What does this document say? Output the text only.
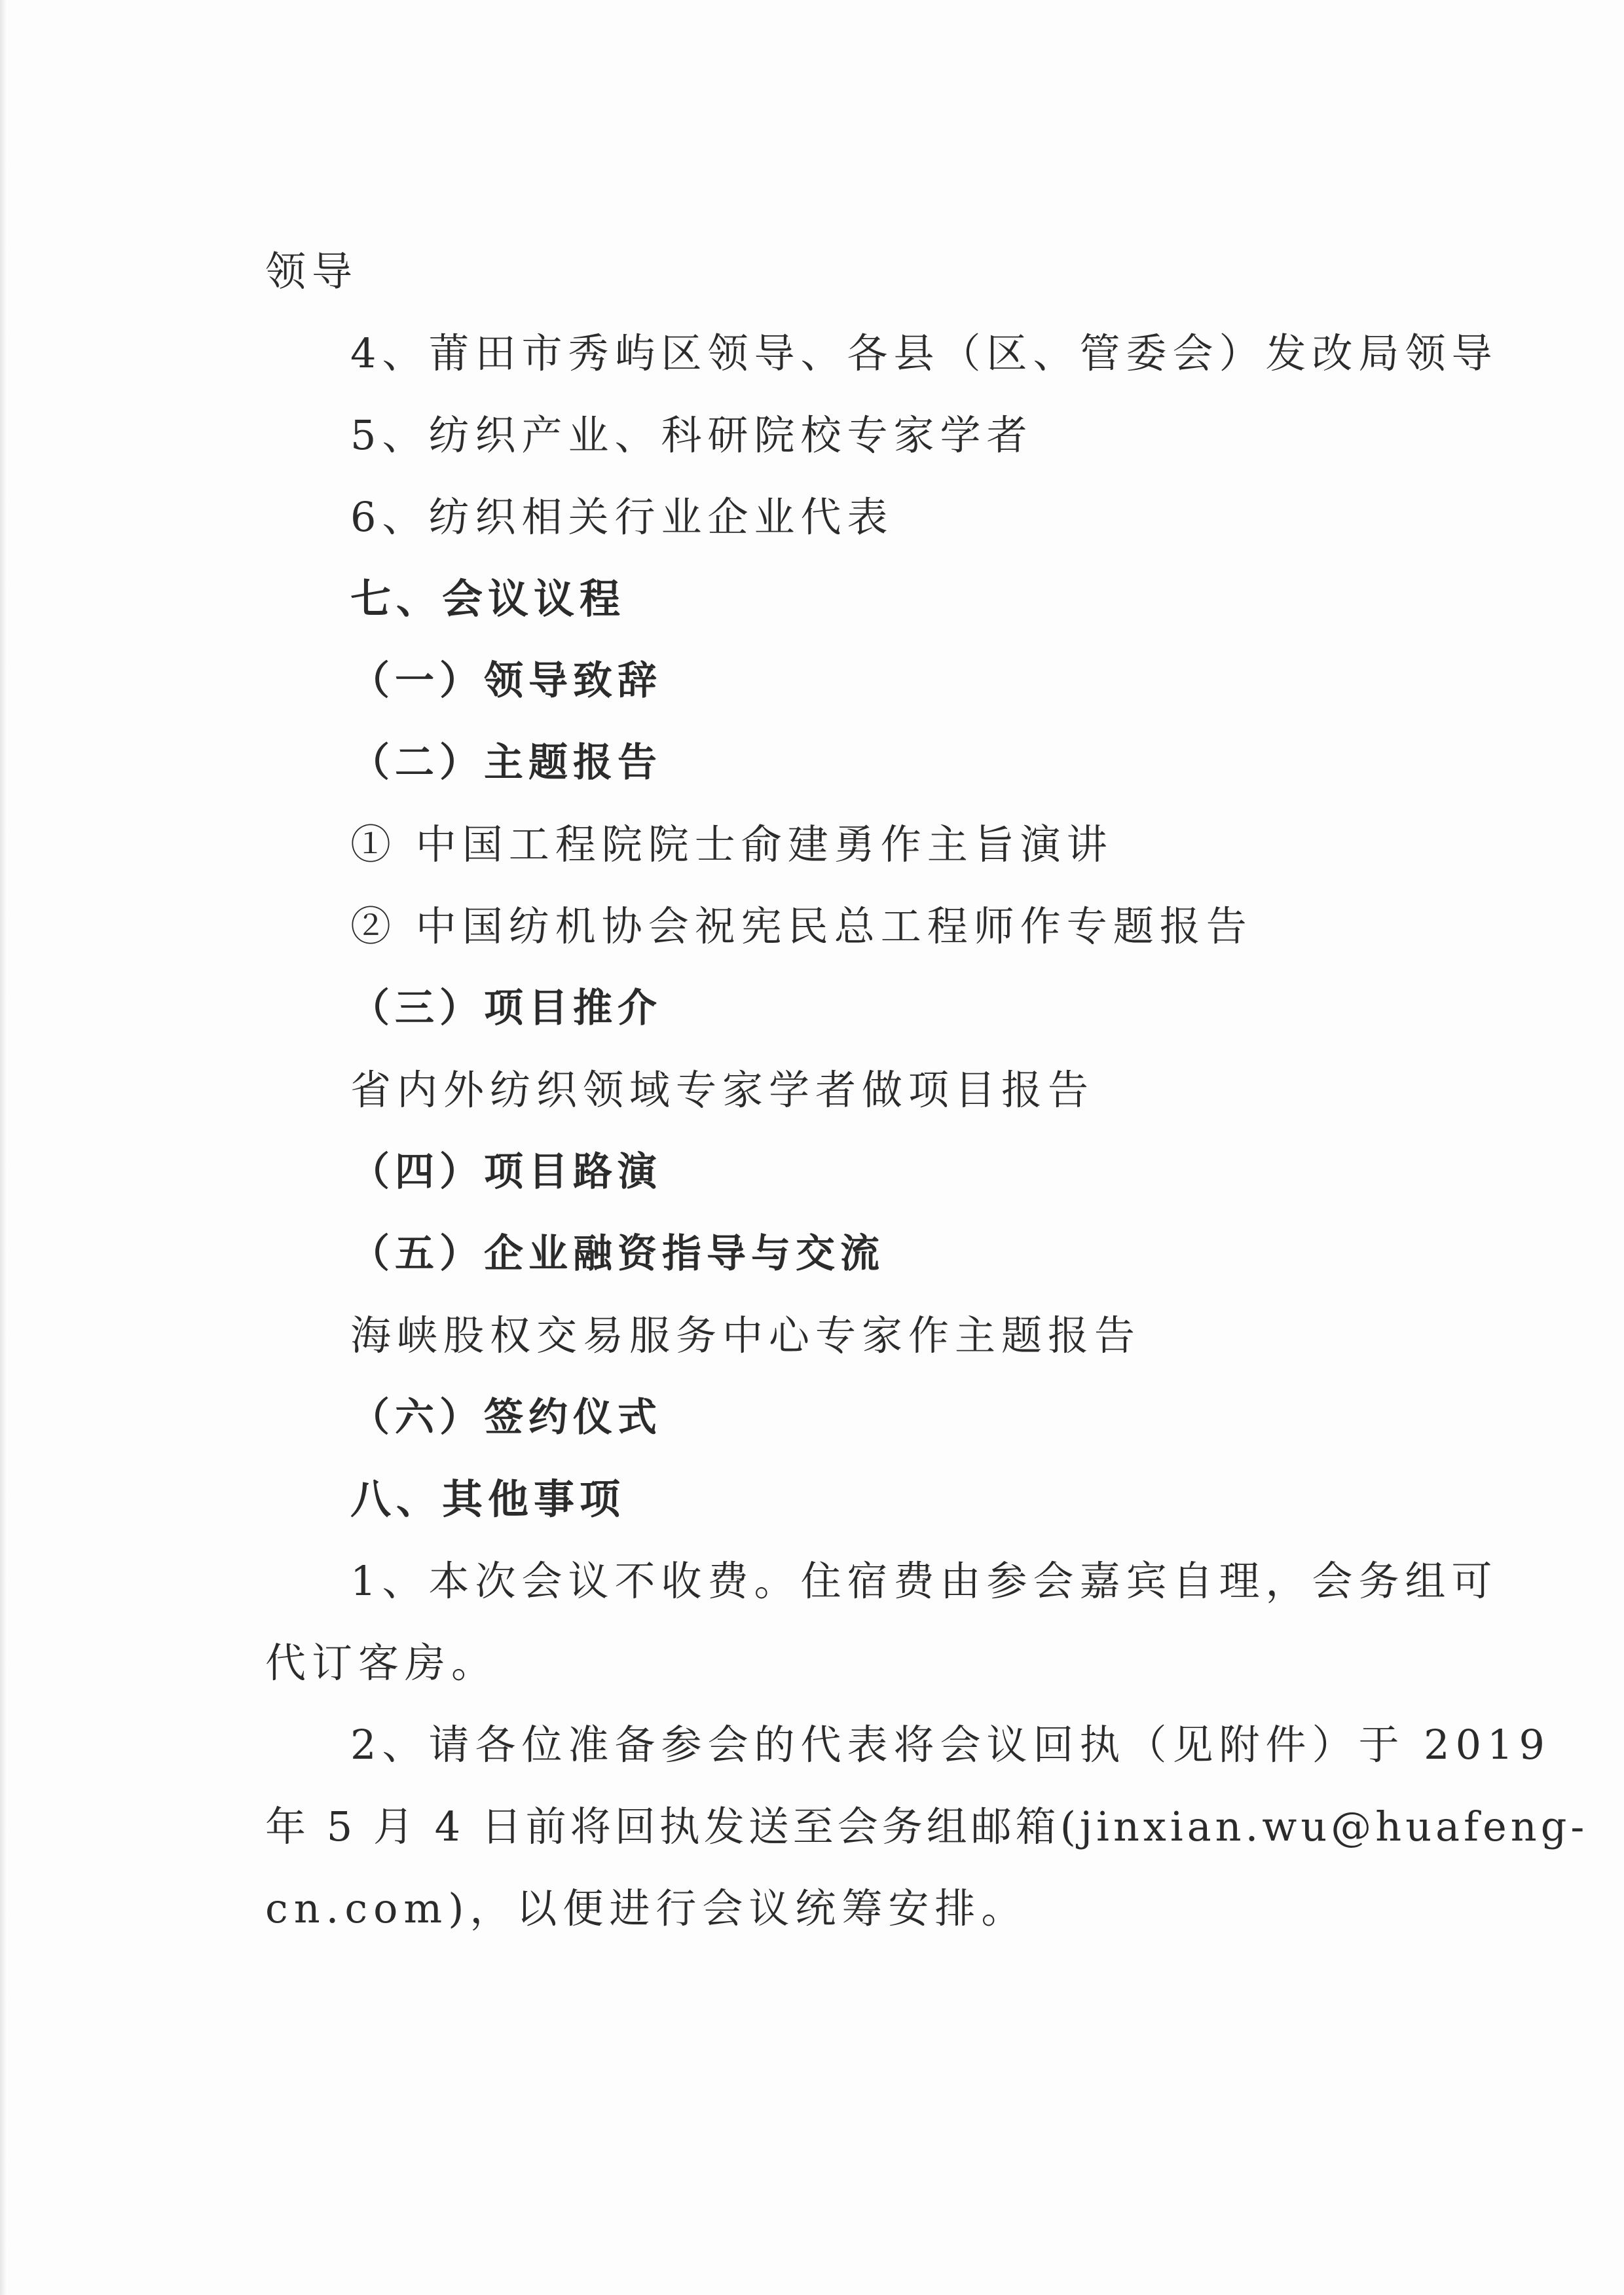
领导
4、莆田市秀屿区领导、各县（区、管委会）发改局领导
5、纺织产业、科研院校专家学者
6、纺织相关行业企业代表
七、会议议程
（一）领导致辞
（二）主题报告
① 中国工程院院士俞建勇作主旨演讲
② 中国纺机协会祝宪民总工程师作专题报告
（三）项目推介
省内外纺织领域专家学者做项目报告
（四）项目路演
（五）企业融资指导与交流
海峡股权交易服务中心专家作主题报告
（六）签约仪式
八、其他事项
1、本次会议不收费。住宿费由参会嘉宾自理，会务组可
代订客房。
2、请各位准备参会的代表将会议回执（见附件）于 2019
年 5 月 4 日前将回执发送至会务组邮箱(jinxian.wu@huafeng-
cn.com)，以便进行会议统筹安排。
